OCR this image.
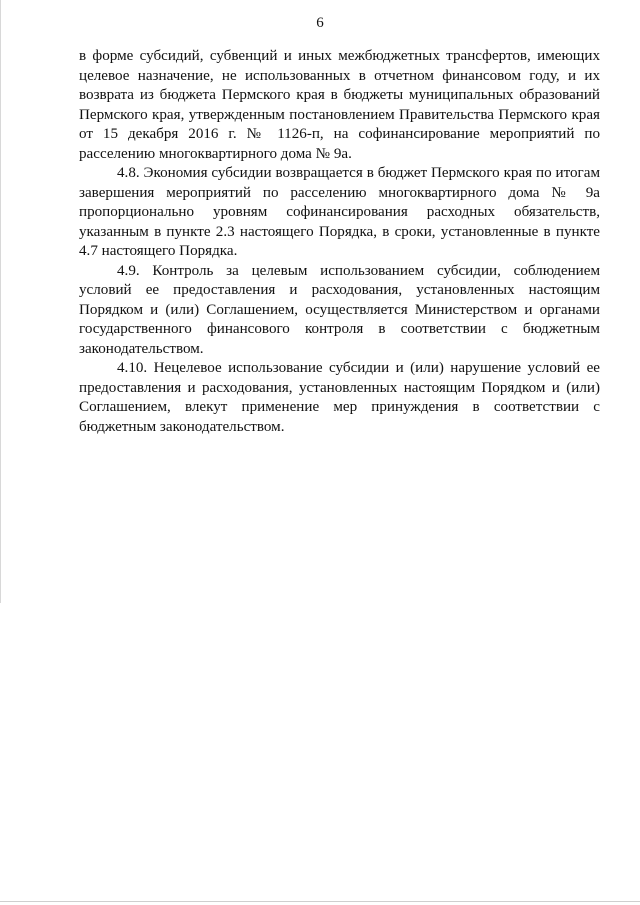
6

в форме субсидий, субвенций и иных межбюджетных трансфертов, имеющих целевое назначение, не использованных в отчетном финансовом году, и их возврата из бюджета Пермского края в бюджеты муниципальных образований Пермского края, утвержденным постановлением Правительства Пермского края от 15 декабря 2016 г. № 1126-п, на софинансирование мероприятий по расселению многоквартирного дома № 9а.

4.8. Экономия субсидии возвращается в бюджет Пермского края по итогам завершения мероприятий по расселению многоквартирного дома № 9а пропорционально уровням софинансирования расходных обязательств, указанным в пункте 2.3 настоящего Порядка, в сроки, установленные в пункте 4.7 настоящего Порядка.

4.9. Контроль за целевым использованием субсидии, соблюдением условий ее предоставления и расходования, установленных настоящим Порядком и (или) Соглашением, осуществляется Министерством и органами государственного финансового контроля в соответствии с бюджетным законодательством.

4.10. Нецелевое использование субсидии и (или) нарушение условий ее предоставления и расходования, установленных настоящим Порядком и (или) Соглашением, влекут применение мер принуждения в соответствии с бюджетным законодательством.
